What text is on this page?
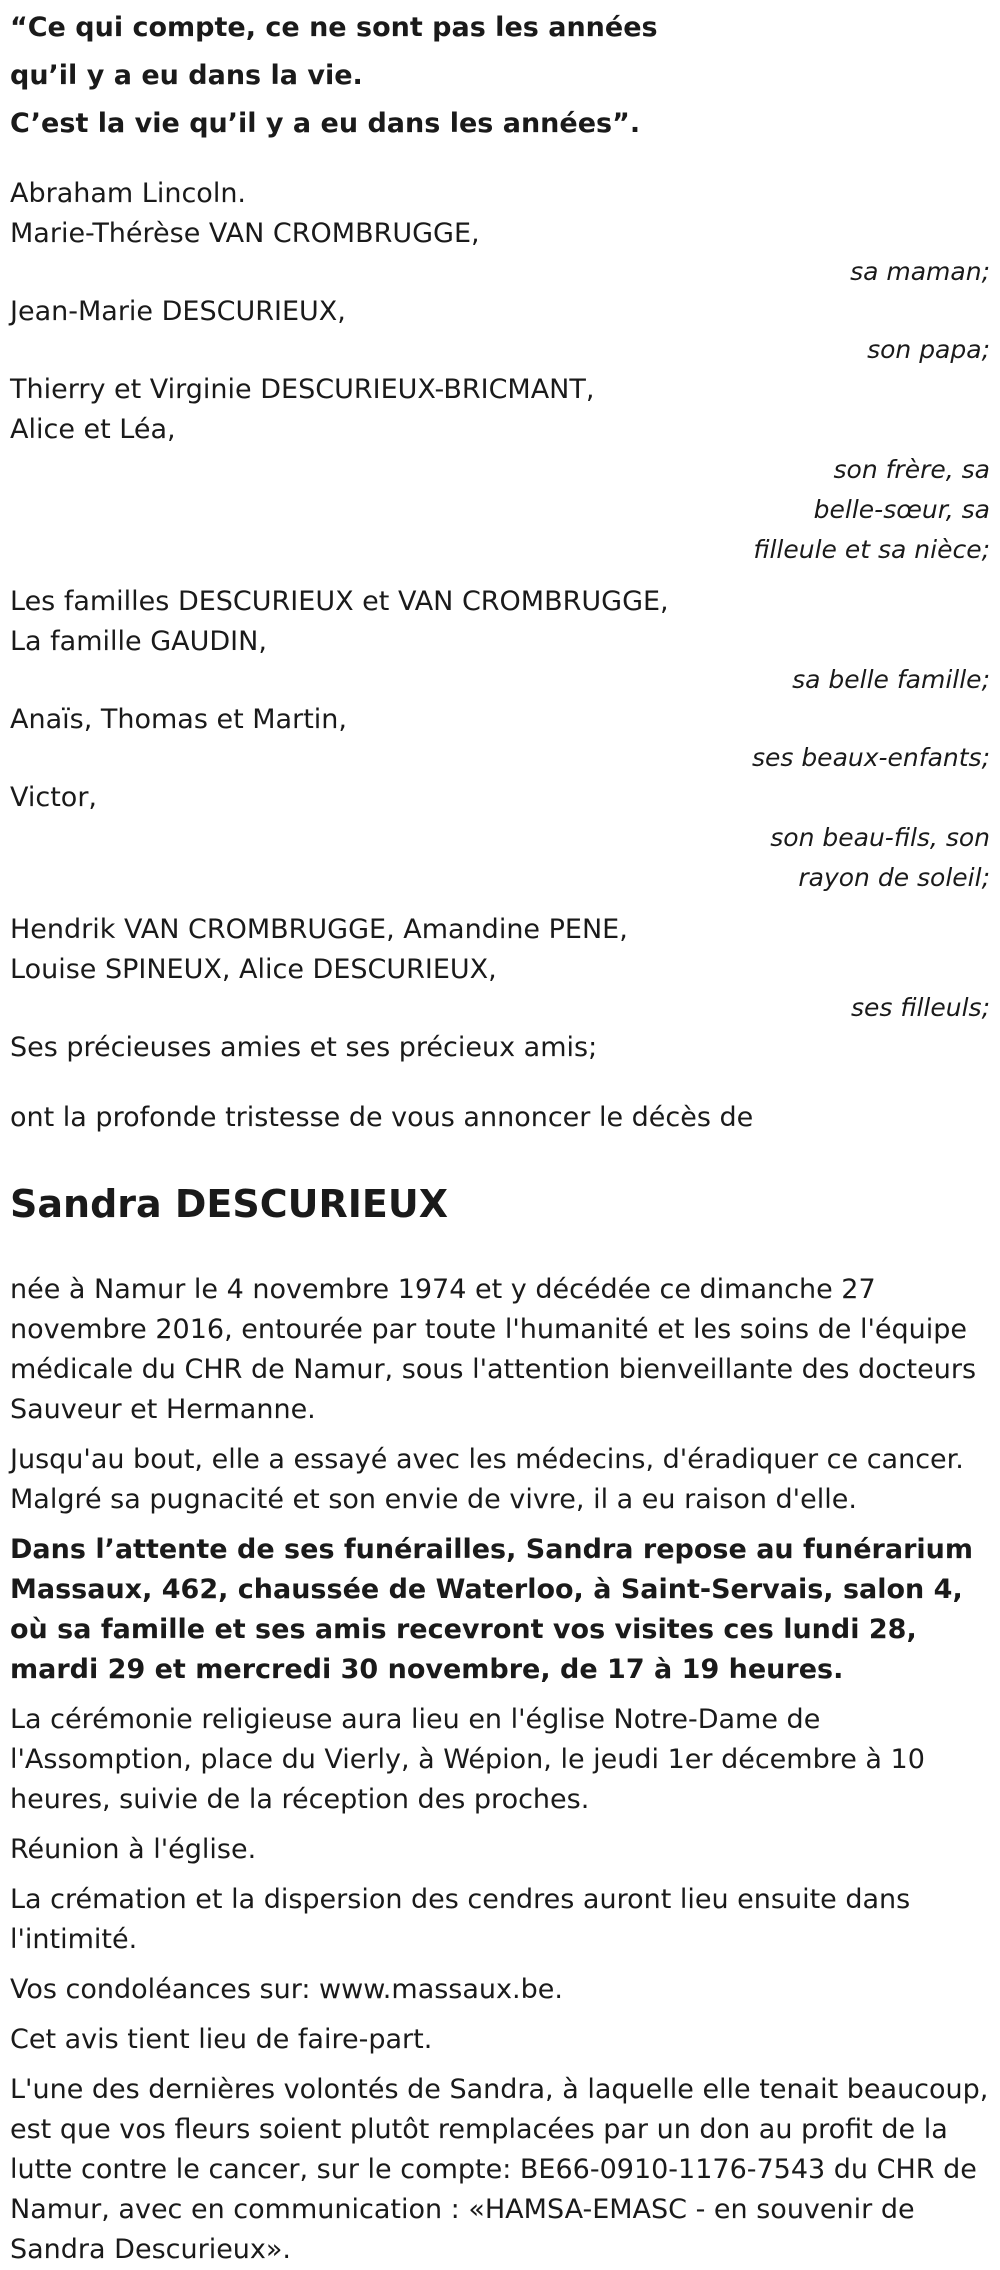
“Ce qui compte, ce ne sont pas les années
qu’il y a eu dans la vie.
C’est la vie qu’il y a eu dans les années”.

Abraham Lincoln.

Marie-Thérèse VAN CROMBRUGGE,

sa maman;

Jean-Marie DESCURIEUX,

son papa;

Thierry et Virginie DESCURIEUX-BRICMANT,

Alice et Léa,

son frère, sa

belle-sœur, sa

filleule et sa nièce;

Les familles DESCURIEUX et VAN CROMBRUGGE,

La famille GAUDIN,

sa belle famille;

Anaïs, Thomas et Martin,

ses beaux-enfants;

Victor,

son beau-fils, son

rayon de soleil;

Hendrik VAN CROMBRUGGE, Amandine PENE,

Louise SPINEUX, Alice DESCURIEUX,

ses filleuls;

Ses précieuses amies et ses précieux amis;

ont la profonde tristesse de vous annoncer le décès de

Sandra DESCURIEUX

née à Namur le 4 novembre 1974 et y décédée ce dimanche 27 novembre 2016, entourée par toute l'humanité et les soins de l'équipe médicale du CHR de Namur, sous l'attention bienveillante des docteurs Sauveur et Hermanne.

Jusqu'au bout, elle a essayé avec les médecins, d'éradiquer ce cancer. Malgré sa pugnacité et son envie de vivre, il a eu raison d'elle.

Dans l’attente de ses funérailles, Sandra repose au funérarium Massaux, 462, chaussée de Waterloo, à Saint-Servais, salon 4, où sa famille et ses amis recevront vos visites ces lundi 28, mardi 29 et mercredi 30 novembre, de 17 à 19 heures.

La cérémonie religieuse aura lieu en l'église Notre-Dame de l'Assomption, place du Vierly, à Wépion, le jeudi 1er décembre à 10 heures, suivie de la réception des proches.

Réunion à l'église.

La crémation et la dispersion des cendres auront lieu ensuite dans l'intimité.

Vos condoléances sur: www.massaux.be.

Cet avis tient lieu de faire-part.

L'une des dernières volontés de Sandra, à laquelle elle tenait beaucoup, est que vos fleurs soient plutôt remplacées par un don au profit de la lutte contre le cancer, sur le compte: BE66-0910-1176-7543 du CHR de Namur, avec en communication : «HAMSA-EMASC - en souvenir de Sandra Descurieux».
